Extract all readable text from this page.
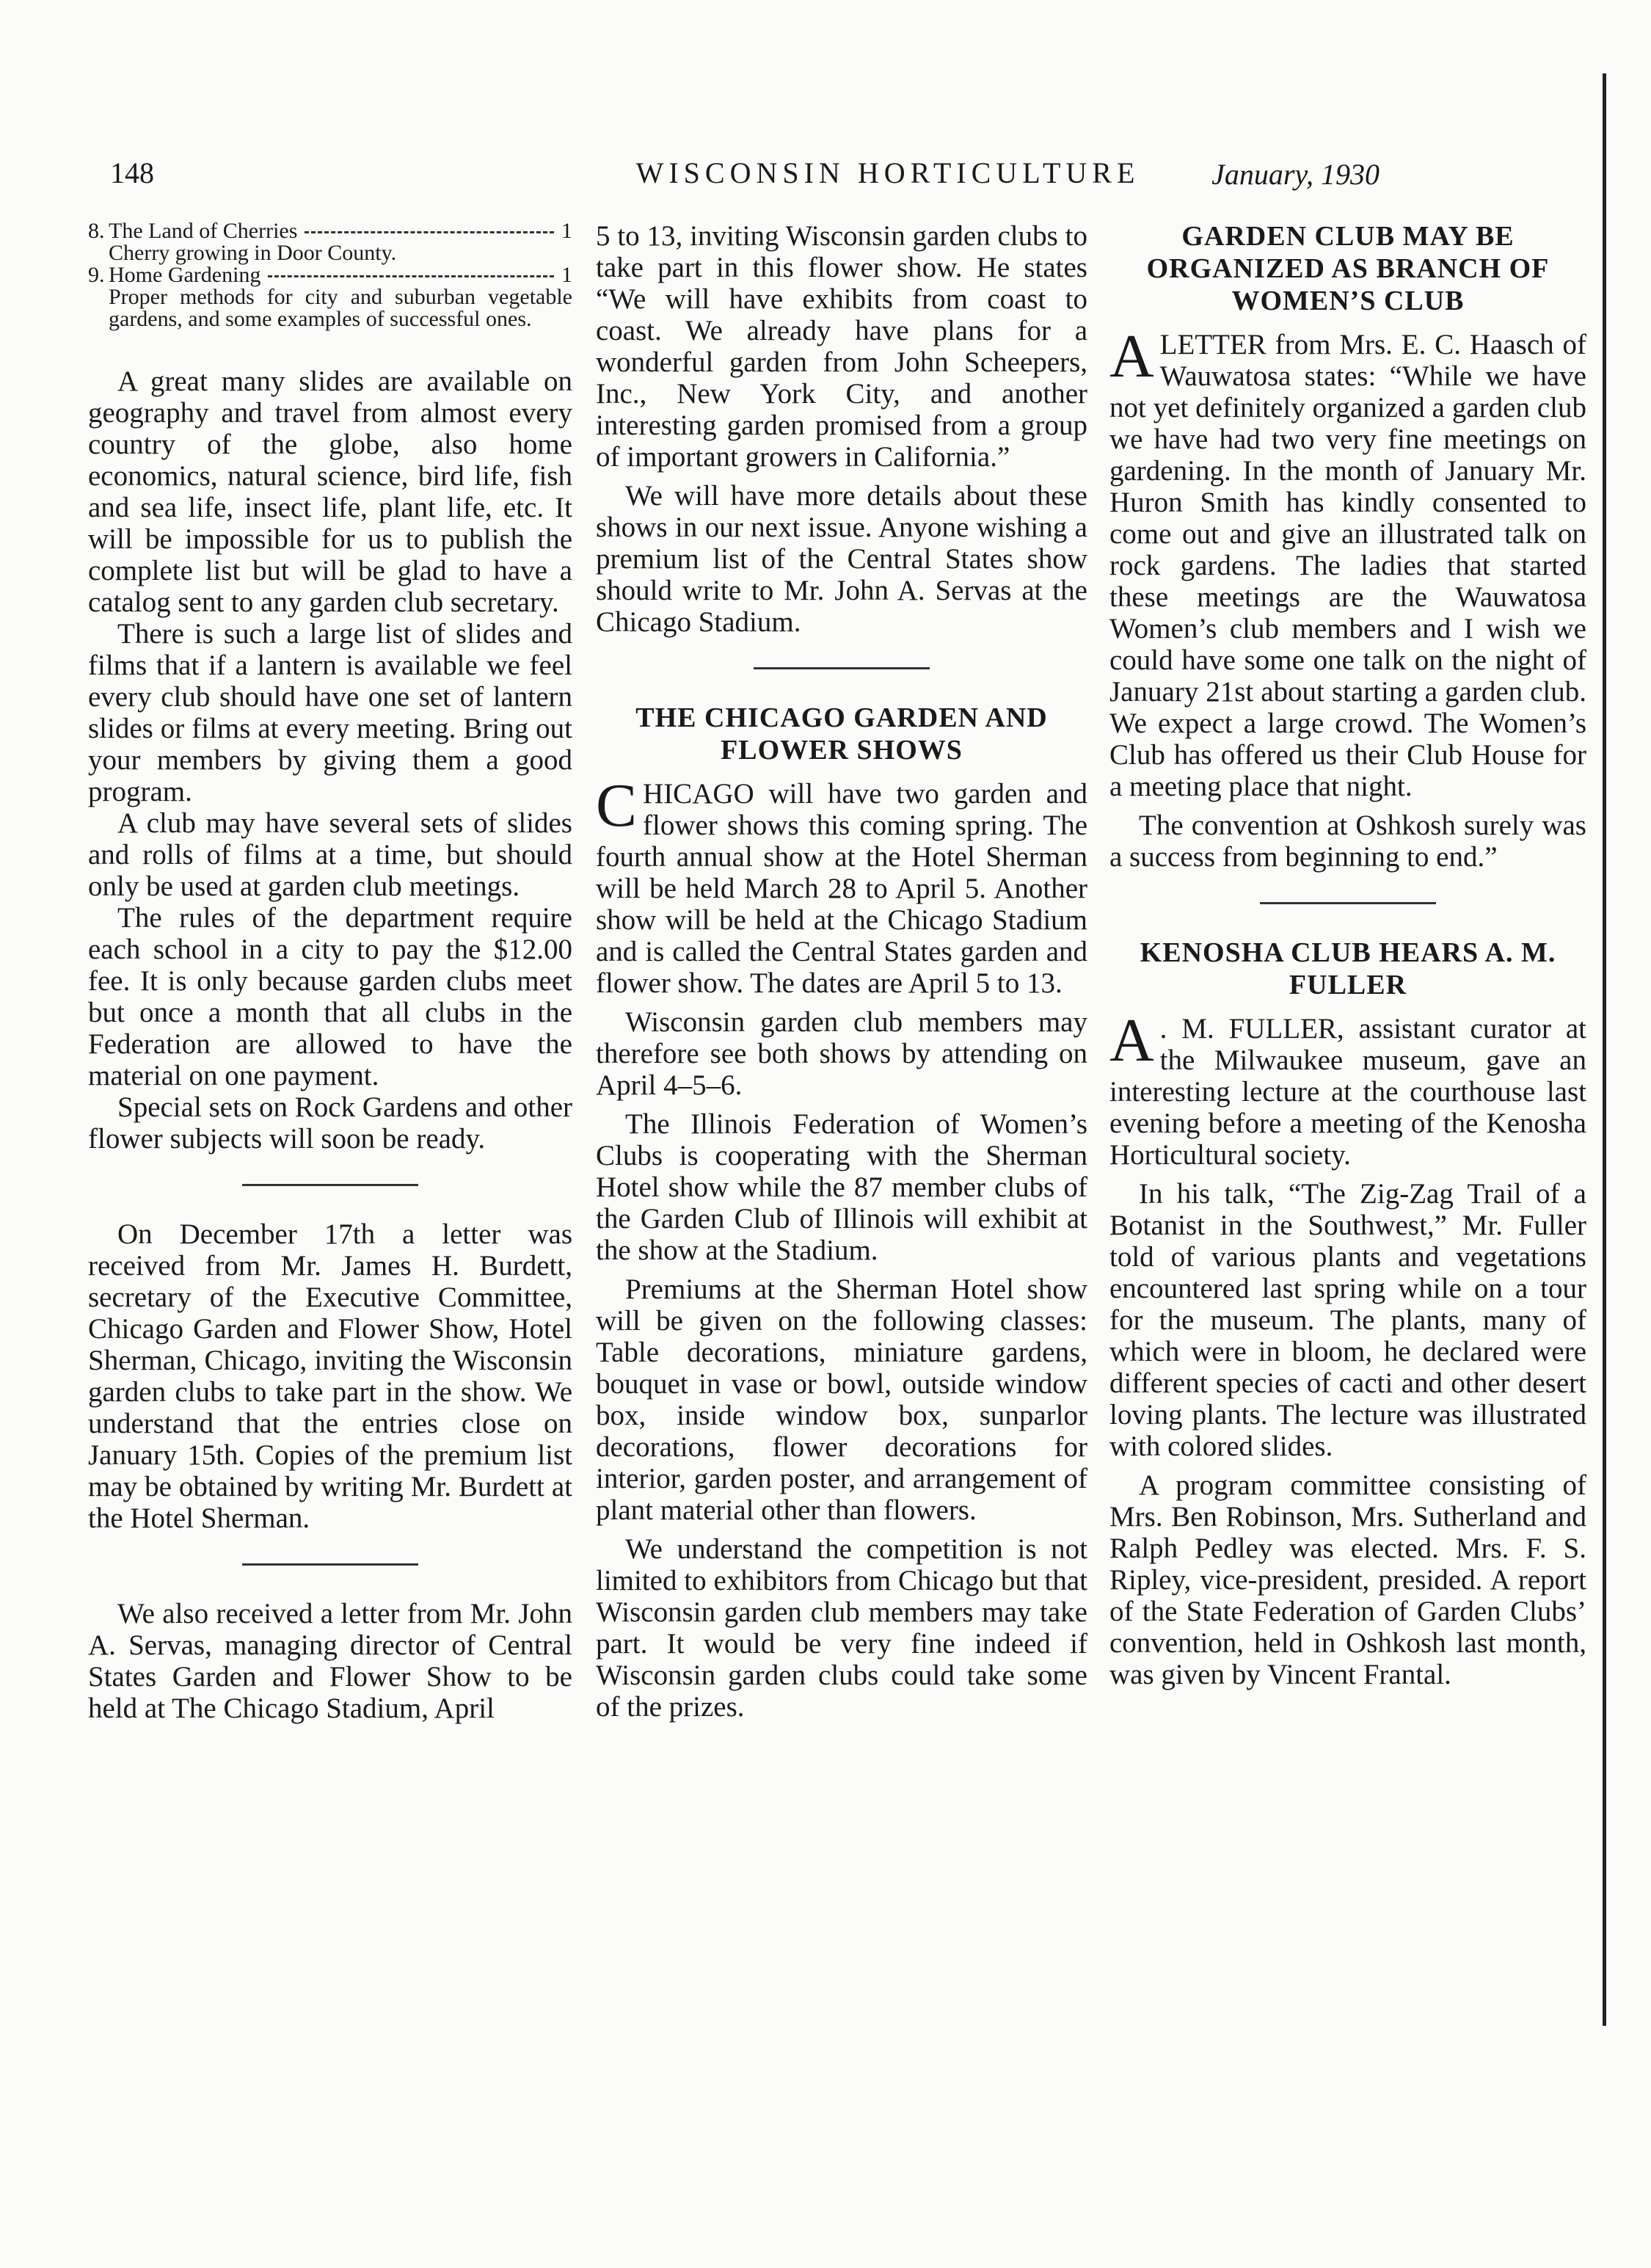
148	WISCONSIN HORTICULTURE	January, 1930
8. The Land of Cherries	1
Cherry growing in Door County.
9. Home Gardening	1
Proper methods for city and suburban vegetable gardens, and some examples of successful ones.

A great many slides are available on geography and travel from almost every country of the globe, also home economics, natural science, bird life, fish and sea life, insect life, plant life, etc. It will be impossible for us to publish the complete list but will be glad to have a catalog sent to any garden club secretary.

There is such a large list of slides and films that if a lantern is available we feel every club should have one set of lantern slides or films at every meeting. Bring out your members by giving them a good program.

A club may have several sets of slides and rolls of films at a time, but should only be used at garden club meetings.

The rules of the department require each school in a city to pay the $12.00 fee. It is only because garden clubs meet but once a month that all clubs in the Federation are allowed to have the material on one payment.

Special sets on Rock Gardens and other flower subjects will soon be ready.

On December 17th a letter was received from Mr. James H. Burdett, secretary of the Executive Committee, Chicago Garden and Flower Show, Hotel Sherman, Chicago, inviting the Wisconsin garden clubs to take part in the show. We understand that the entries close on January 15th. Copies of the premium list may be obtained by writing Mr. Burdett at the Hotel Sherman.

We also received a letter from Mr. John A. Servas, managing director of Central States Garden and Flower Show to be held at The Chicago Stadium, April

5 to 13, inviting Wisconsin garden clubs to take part in this flower show. He states “We will have exhibits from coast to coast. We already have plans for a wonderful garden from John Scheepers, Inc., New York City, and another interesting garden promised from a group of important growers in California.”

We will have more details about these shows in our next issue. Anyone wishing a premium list of the Central States show should write to Mr. John A. Servas at the Chicago Stadium.

THE CHICAGO GARDEN AND FLOWER SHOWS

CHICAGO will have two garden and flower shows this coming spring. The fourth annual show at the Hotel Sherman will be held March 28 to April 5. Another show will be held at the Chicago Stadium and is called the Central States garden and flower show. The dates are April 5 to 13.

Wisconsin garden club members may therefore see both shows by attending on April 4–5–6.

The Illinois Federation of Women’s Clubs is cooperating with the Sherman Hotel show while the 87 member clubs of the Garden Club of Illinois will exhibit at the show at the Stadium.

Premiums at the Sherman Hotel show will be given on the following classes: Table decorations, miniature gardens, bouquet in vase or bowl, outside window box, inside window box, sunparlor decorations, flower decorations for interior, garden poster, and arrangement of plant material other than flowers.

We understand the competition is not limited to exhibitors from Chicago but that Wisconsin garden club members may take part. It would be very fine indeed if Wisconsin garden clubs could take some of the prizes.

GARDEN CLUB MAY BE ORGANIZED AS BRANCH OF WOMEN’S CLUB

ALETTER from Mrs. E. C. Haasch of Wauwatosa states: “While we have not yet definitely organized a garden club we have had two very fine meetings on gardening. In the month of January Mr. Huron Smith has kindly consented to come out and give an illustrated talk on rock gardens. The ladies that started these meetings are the Wauwatosa Women’s club members and I wish we could have some one talk on the night of January 21st about starting a garden club. We expect a large crowd. The Women’s Club has offered us their Club House for a meeting place that night.

The convention at Oshkosh surely was a success from beginning to end.”

KENOSHA CLUB HEARS A. M. FULLER

A . M. FULLER, assistant curator at the Milwaukee museum, gave an interesting lecture at the courthouse last evening before a meeting of the Kenosha Horticultural society.

In his talk, “The Zig-Zag Trail of a Botanist in the Southwest,” Mr. Fuller told of various plants and vegetations encountered last spring while on a tour for the museum. The plants, many of which were in bloom, he declared were different species of cacti and other desert loving plants. The lecture was illustrated with colored slides.

A program committee consisting of Mrs. Ben Robinson, Mrs. Sutherland and Ralph Pedley was elected. Mrs. F. S. Ripley, vice-president, presided. A report of the State Federation of Garden Clubs’ convention, held in Oshkosh last month, was given by Vincent Frantal.
